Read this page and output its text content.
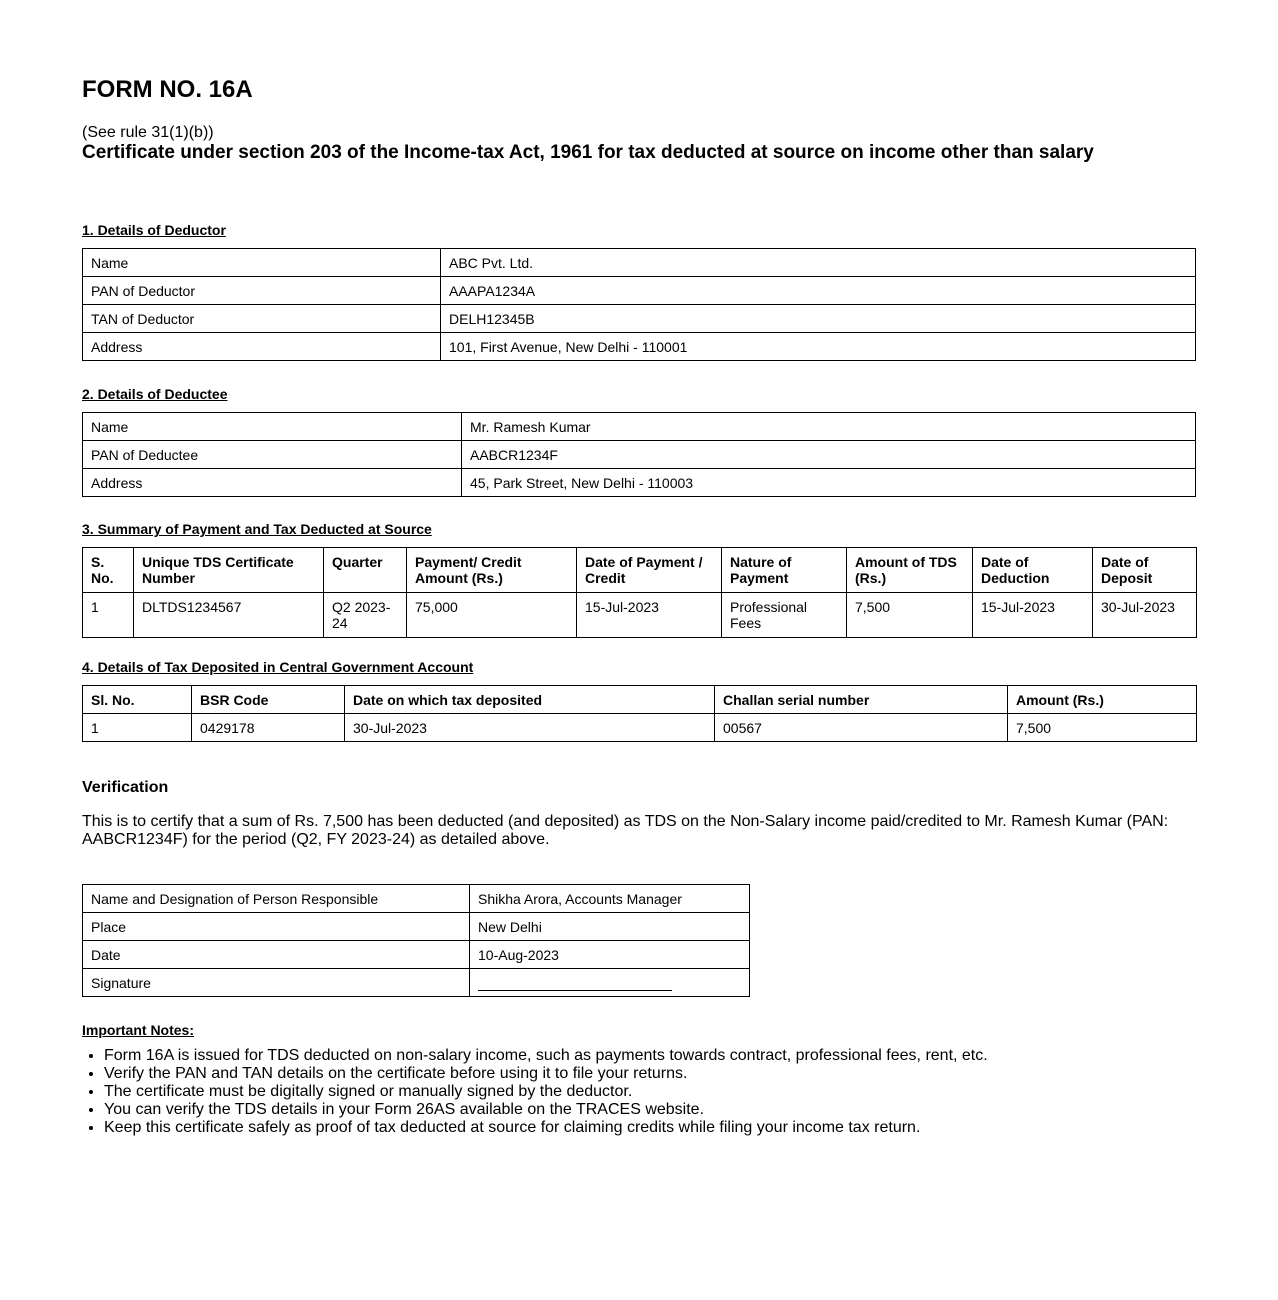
FORM NO. 16A
(See rule 31(1)(b))
Certificate under section 203 of the Income-tax Act, 1961 for tax deducted at source on income other than salary
1. Details of Deductor
Name	ABC Pvt. Ltd.
PAN of Deductor	AAAPA1234A
TAN of Deductor	DELH12345B
Address	101, First Avenue, New Delhi - 110001
2. Details of Deductee
Name	Mr. Ramesh Kumar
PAN of Deductee	AABCR1234F
Address	45, Park Street, New Delhi - 110003
3. Summary of Payment and Tax Deducted at Source
S. No.	Unique TDS Certificate Number	Quarter	Payment/ Credit Amount (Rs.)	Date of Payment / Credit	Nature of Payment	Amount of TDS (Rs.)	Date of Deduction	Date of Deposit
1	DLTDS1234567	Q2 2023-24	75,000	15-Jul-2023	Professional Fees	7,500	15-Jul-2023	30-Jul-2023
4. Details of Tax Deposited in Central Government Account
Sl. No.	BSR Code	Date on which tax deposited	Challan serial number	Amount (Rs.)
1	0429178	30-Jul-2023	00567	7,500
Verification

This is to certify that a sum of Rs. 7,500 has been deducted (and deposited) as TDS on the Non-Salary income paid/credited to Mr. Ramesh Kumar (PAN: AABCR1234F) for the period (Q2, FY 2023-24) as detailed above.

Name and Designation of Person Responsible	Shikha Arora, Accounts Manager
Place	New Delhi
Date	10-Aug-2023
Signature	
Important Notes:
• Form 16A is issued for TDS deducted on non-salary income, such as payments towards contract, professional fees, rent, etc.
• Verify the PAN and TAN details on the certificate before using it to file your returns.
• The certificate must be digitally signed or manually signed by the deductor.
• You can verify the TDS details in your Form 26AS available on the TRACES website.
• Keep this certificate safely as proof of tax deducted at source for claiming credits while filing your income tax return.
